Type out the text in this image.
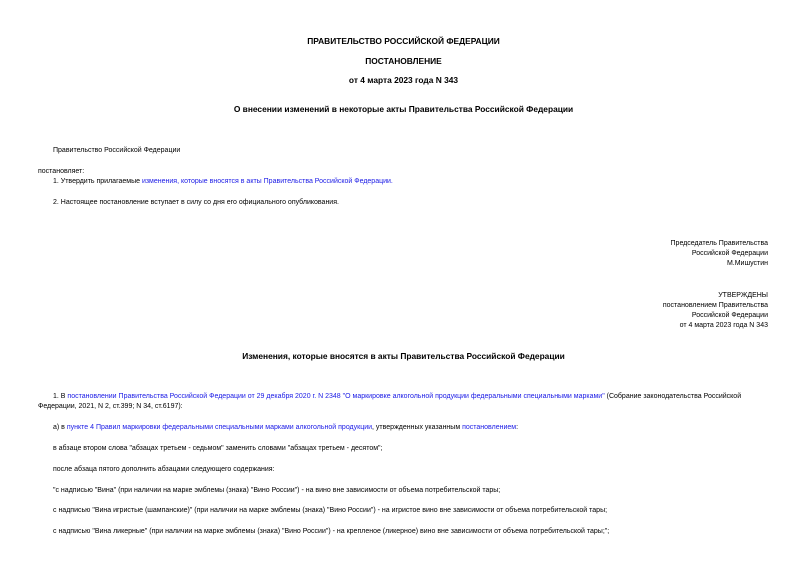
ПРАВИТЕЛЬСТВО РОССИЙСКОЙ ФЕДЕРАЦИИ
ПОСТАНОВЛЕНИЕ
от 4 марта 2023 года N 343
О внесении изменений в некоторые акты Правительства Российской Федерации
Правительство Российской Федерации
постановляет:
1. Утвердить прилагаемые изменения, которые вносятся в акты Правительства Российской Федерации.
2. Настоящее постановление вступает в силу со дня его официального опубликования.
Председатель Правительства
Российской Федерации
М.Мишустин
УТВЕРЖДЕНЫ
постановлением Правительства
Российской Федерации
от 4 марта 2023 года N 343
Изменения, которые вносятся в акты Правительства Российской Федерации
1. В постановлении Правительства Российской Федерации от 29 декабря 2020 г. N 2348 "О маркировке алкогольной продукции федеральными специальными марками" (Собрание законодательства Российской
Федерации, 2021, N 2, ст.399; N 34, ст.6197):
а) в пункте 4 Правил маркировки федеральными специальными марками алкогольной продукции, утвержденных указанным постановлением:
в абзаце втором слова "абзацах третьем - седьмом" заменить словами "абзацах третьем - десятом";
после абзаца пятого дополнить абзацами следующего содержания:
"с надписью "Вина" (при наличии на марке эмблемы (знака) "Вино России") - на вино вне зависимости от объема потребительской тары;
с надписью "Вина игристые (шампанские)" (при наличии на марке эмблемы (знака) "Вино России") - на игристое вино вне зависимости от объема потребительской тары;
с надписью "Вина ликерные" (при наличии на марке эмблемы (знака) "Вино России") - на крепленое (ликерное) вино вне зависимости от объема потребительской тары;";
